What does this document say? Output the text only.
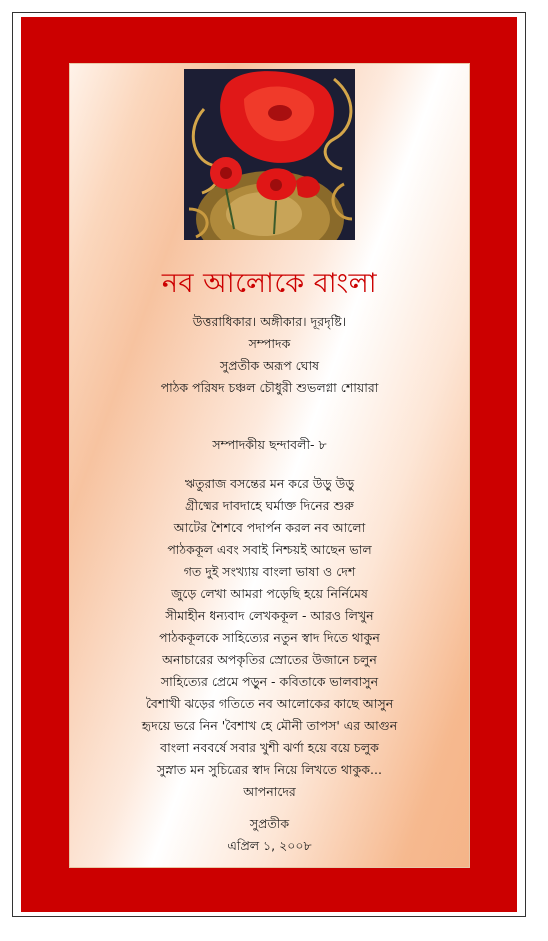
নব আলোকে বাংলা
উত্তরাধিকার। অঙ্গীকার। দূরদৃষ্টি।
সম্পাদক
সুপ্রতীক অরূপ ঘোষ
পাঠক পরিষদ চঞ্চল চৌধুরী শুভলগ্না শোয়ারা
সম্পাদকীয় ছন্দাবলী- ৮
ঋতুরাজ বসন্তের মন করে উড়ু উড়ু
গ্রীষ্মের দাবদাহে ঘর্মাক্ত দিনের শুরু
আটের শৈশবে পদার্পন করল নব আলো
পাঠককূল এবং সবাই নিশ্চয়ই আছেন ভাল
গত দুই সংখ্যায় বাংলা ভাষা ও দেশ
জুড়ে লেখা আমরা পড়েছি হয়ে নির্নিমেষ
সীমাহীন ধন্যবাদ লেখককূল - আরও লিখুন
পাঠককূলকে সাহিত্যের নতুন স্বাদ দিতে থাকুন
অনাচারের অপকৃতির স্রোতের উজানে চলুন
সাহিত্যের প্রেমে পড়ুন - কবিতাকে ভালবাসুন
বৈশাখী ঝড়ের গতিতে নব আলোকের কাছে আসুন
হৃদয়ে ভরে নিন 'বৈশাখ হে মৌনী তাপস' এর আগুন
বাংলা নববর্ষে সবার খুশী ঝর্ণা হয়ে বয়ে চলুক
সুস্নাত মন সুচিত্রের স্বাদ নিয়ে লিখতে থাকুক...
আপনাদের
সুপ্রতীক
এপ্রিল ১, ২০০৮
